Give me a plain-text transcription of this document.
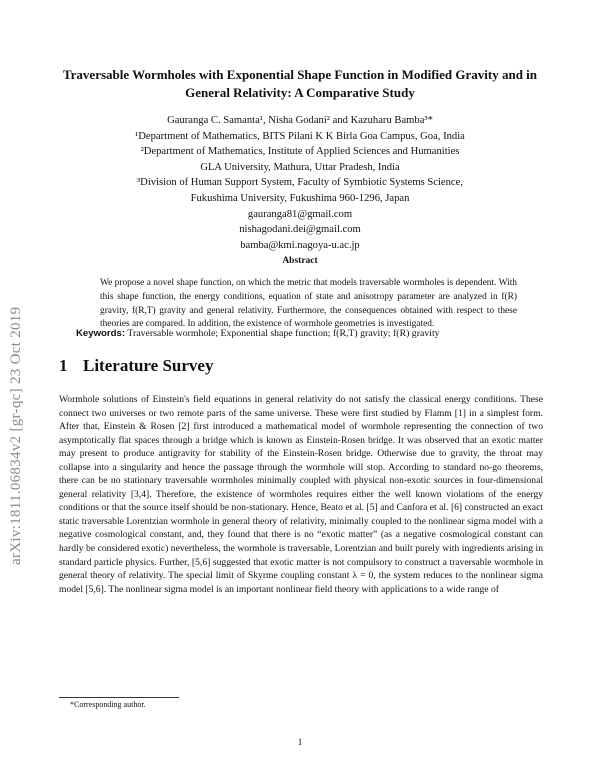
arXiv:1811.06834v2 [gr-qc] 23 Oct 2019
Traversable Wormholes with Exponential Shape Function in Modified Gravity and in General Relativity: A Comparative Study
Gauranga C. Samanta¹, Nisha Godani² and Kazuharu Bamba³*
¹Department of Mathematics, BITS Pilani K K Birla Goa Campus, Goa, India
²Department of Mathematics, Institute of Applied Sciences and Humanities
GLA University, Mathura, Uttar Pradesh, India
³Division of Human Support System, Faculty of Symbiotic Systems Science,
Fukushima University, Fukushima 960-1296, Japan
gauranga81@gmail.com
nishagodani.dei@gmail.com
bamba@kmi.nagoya-u.ac.jp
Abstract
We propose a novel shape function, on which the metric that models traversable wormholes is dependent. With this shape function, the energy conditions, equation of state and anisotropy parameter are analyzed in f(R) gravity, f(R,T) gravity and general relativity. Furthermore, the consequences obtained with respect to these theories are compared. In addition, the existence of wormhole geometries is investigated.
Keywords: Traversable wormhole; Exponential shape function; f(R,T) gravity; f(R) gravity
1 Literature Survey

Wormhole solutions of Einstein's field equations in general relativity do not satisfy the classical energy conditions. These connect two universes or two remote parts of the same universe. These were first studied by Flamm [1] in a simplest form. After that, Einstein & Rosen [2] first introduced a mathematical model of wormhole representing the connection of two asymptotically flat spaces through a bridge which is known as Einstein-Rosen bridge. It was observed that an exotic matter may present to produce antigravity for stability of the Einstein-Rosen bridge. Otherwise due to gravity, the throat may collapse into a singularity and hence the passage through the wormhole will stop. According to standard no-go theorems, there can be no stationary traversable wormholes minimally coupled with physical non-exotic sources in four-dimensional general relativity [3,4]. Therefore, the existence of wormholes requires either the well known violations of the energy conditions or that the source itself should be non-stationary. Hence, Beato et al. [5] and Canfora et al. [6] constructed an exact static traversable Lorentzian wormhole in general theory of relativity, minimally coupled to the nonlinear sigma model with a negative cosmological constant, and, they found that there is no “exotic matter” (as a negative cosmological constant can hardly be considered exotic) nevertheless, the wormhole is traversable, Lorentzian and built purely with ingredients arising in standard particle physics. Further, [5,6] suggested that exotic matter is not compulsory to construct a traversable wormhole in general theory of relativity. The special limit of Skyrme coupling constant λ = 0, the system reduces to the nonlinear sigma model [5,6]. The nonlinear sigma model is an important nonlinear field theory with applications to a wide range of

*Corresponding author.
1
